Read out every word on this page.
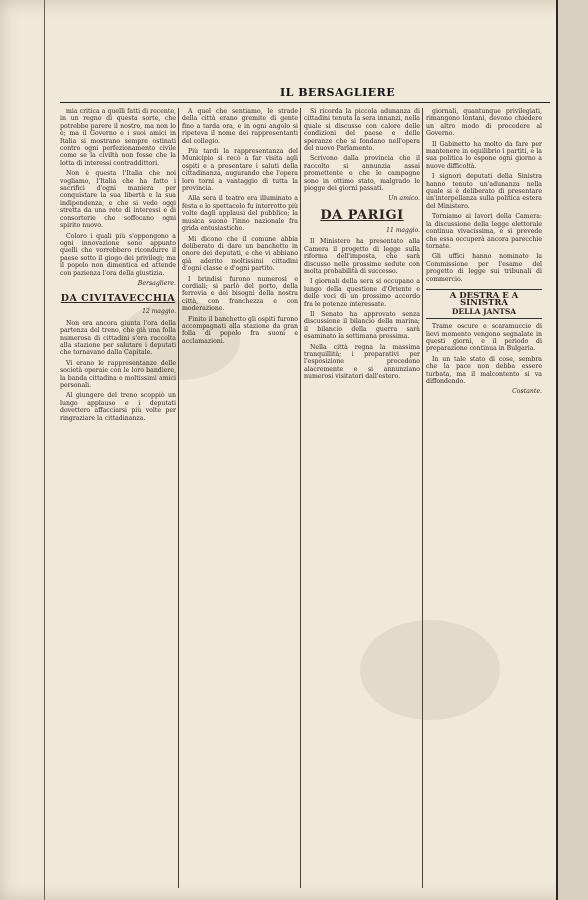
IL BERSAGLIERE

mia critica a quelli fatti di recente, in un regno di questa sorte, che potrebbe parere il nostro, ma non lo è; ma il Governo e i suoi amici in Italia si mostrano sempre ostinati contro ogni perfezionamento civile come se la civiltà non fosse che la lotta di interessi contraddittori.

Non è questa l'Italia che noi vogliamo, l'Italia che ha fatto i sacrifici d'ogni maniera per conquistare la sua libertà e la sua indipendenza, e che si vede oggi stretta da una rete di interessi e di consorterie che soffocano ogni spirito nuovo.

Coloro i quali più s'oppongono a ogni innovazione sono appunto quelli che vorrebbero ricondurre il paese sotto il giogo dei privilegi; ma il popolo non dimentica ed attende con pazienza l'ora della giustizia.

Bersagliere.
DA CIVITAVECCHIA
12 maggio.

Non era ancora giunta l'ora della partenza del treno, che già una folla numerosa di cittadini s'era raccolta alla stazione per salutare i deputati che tornavano dalla Capitale.

Vi erano le rappresentanze delle società operaie con le loro bandiere, la banda cittadina e moltissimi amici personali.

Al giungere del treno scoppiò un lungo applauso e i deputati dovettero affacciarsi più volte per ringraziare la cittadinanza.

A quel che sentiamo, le strade della città erano gremite di gente fino a tarda ora, e in ogni angolo si ripeteva il nome dei rappresentanti del collegio.

Più tardi la rappresentanza del Municipio si recò a far visita agli ospiti e a presentare i saluti della cittadinanza, augurando che l'opera loro torni a vantaggio di tutta la provincia.

Alla sera il teatro era illuminato a festa e lo spettacolo fu interrotto più volte dagli applausi del pubblico; la musica suonò l'inno nazionale fra grida entusiastiche.

Mi dicono che il comune abbia deliberato di dare un banchetto in onore dei deputati, e che vi abbiano già aderito moltissimi cittadini d'ogni classe e d'ogni partito.

I brindisi furono numerosi e cordiali; si parlò del porto, della ferrovia e dei bisogni della nostra città, con franchezza e con moderazione.

Finito il banchetto gli ospiti furono accompagnati alla stazione da gran folla di popolo fra suoni e acclamazioni.

Si ricorda la piccola adunanza di cittadini tenuta la sera innanzi, nella quale si discusse con calore delle condizioni del paese e delle speranze che si fondano nell'opera del nuovo Parlamento.

Scrivono dalla provincia che il raccolto si annunzia assai promettente e che le campagne sono in ottimo stato, malgrado le piogge dei giorni passati.

Un amico.
DA PARIGI
11 maggio.

Il Ministero ha presentato alla Camera il progetto di legge sulla riforma dell'imposta, che sarà discusso nelle prossime sedute con molta probabilità di successo.

I giornali della sera si occupano a lungo della questione d'Oriente e delle voci di un prossimo accordo fra le potenze interessate.

Il Senato ha approvato senza discussione il bilancio della marina; il bilancio della guerra sarà esaminato la settimana prossima.

Nella città regna la massima tranquillità; i preparativi per l'esposizione procedono alacremente e si annunziano numerosi visitatori dall'estero.

giornali, quantunque privilegiati, rimangono lontani, devono chiedere un altro modo di procedere al Governo.

Il Gabinetto ha molto da fare per mantenere in equilibrio i partiti, e la sua politica lo espone ogni giorno a nuove difficoltà.

I signori deputati della Sinistra hanno tenuto un'adunanza nella quale si è deliberato di presentare un'interpellanza sulla politica estera del Ministero.

Torniamo ai lavori della Camera: la discussione della legge elettorale continua vivacissima, e si prevede che essa occuperà ancora parecchie tornate.

Gli uffici hanno nominato la Commissione per l'esame del progetto di legge sui tribunali di commercio.

A DESTRA E A SINISTRA
DELLA JANTSA

Trame oscure e scaramuccie di lievi momento vengono segnalate in questi giorni, e il periodo di preparazione continua in Bulgaria.

In un tale stato di cose, sembra che la pace non debba essere turbata, ma il malcontento si va diffondendo.

Costante.
